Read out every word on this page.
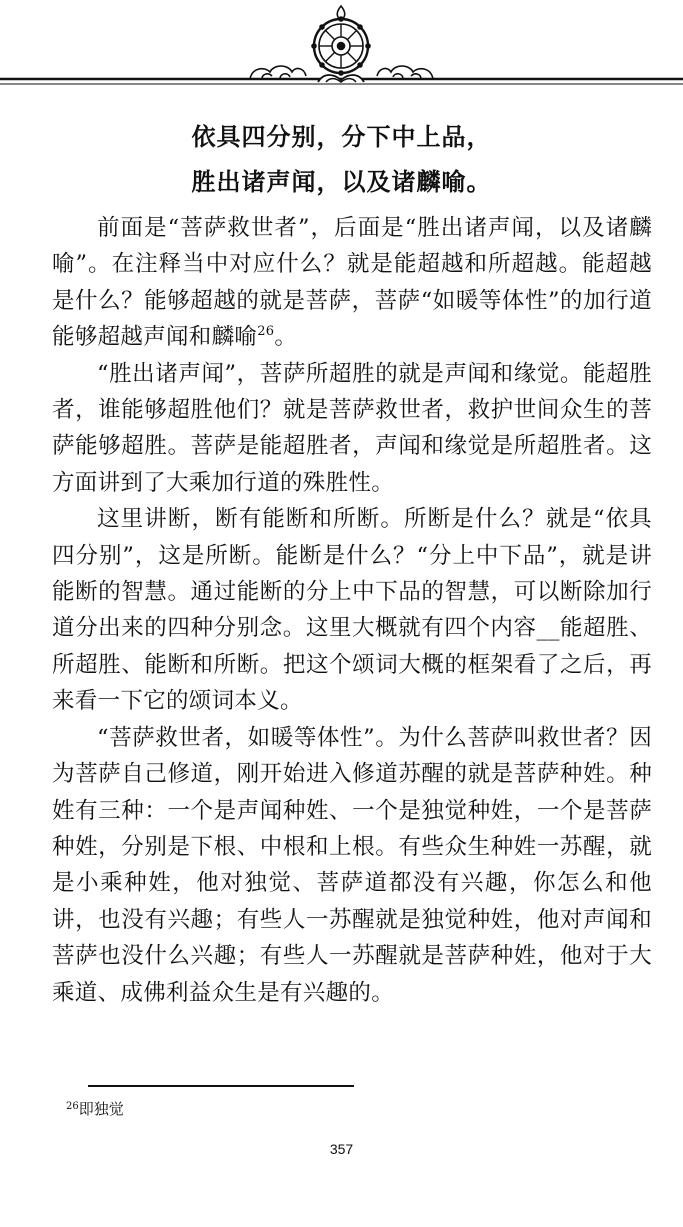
依具四分别，分下中上品，
胜出诸声闻，以及诸麟喻。

前面是“菩萨救世者”，后面是“胜出诸声闻，以及诸麟喻”。在注释当中对应什么？就是能超越和所超越。能超越是什么？能够超越的就是菩萨，菩萨“如暖等体性”的加行道能够超越声闻和麟喻$^{26}$。

“胜出诸声闻”，菩萨所超胜的就是声闻和缘觉。能超胜者，谁能够超胜他们？就是菩萨救世者，救护世间众生的菩萨能够超胜。菩萨是能超胜者，声闻和缘觉是所超胜者。这方面讲到了大乘加行道的殊胜性。

这里讲断，断有能断和所断。所断是什么？就是“依具四分别”，这是所断。能断是什么？“分上中下品”，就是讲能断的智慧。通过能断的分上中下品的智慧，可以断除加行道分出来的四种分别念。这里大概就有四个内容__能超胜、所超胜、能断和所断。把这个颂词大概的框架看了之后，再来看一下它的颂词本义。

“菩萨救世者，如暖等体性”。为什么菩萨叫救世者？因为菩萨自己修道，刚开始进入修道苏醒的就是菩萨种姓。种姓有三种：一个是声闻种姓、一个是独觉种姓，一个是菩萨种姓，分别是下根、中根和上根。有些众生种姓一苏醒，就是小乘种姓，他对独觉、菩萨道都没有兴趣，你怎么和他讲，也没有兴趣；有些人一苏醒就是独觉种姓，他对声闻和菩萨也没什么兴趣；有些人一苏醒就是菩萨种姓，他对于大乘道、成佛利益众生是有兴趣的。

$^{26}$即独觉
357
